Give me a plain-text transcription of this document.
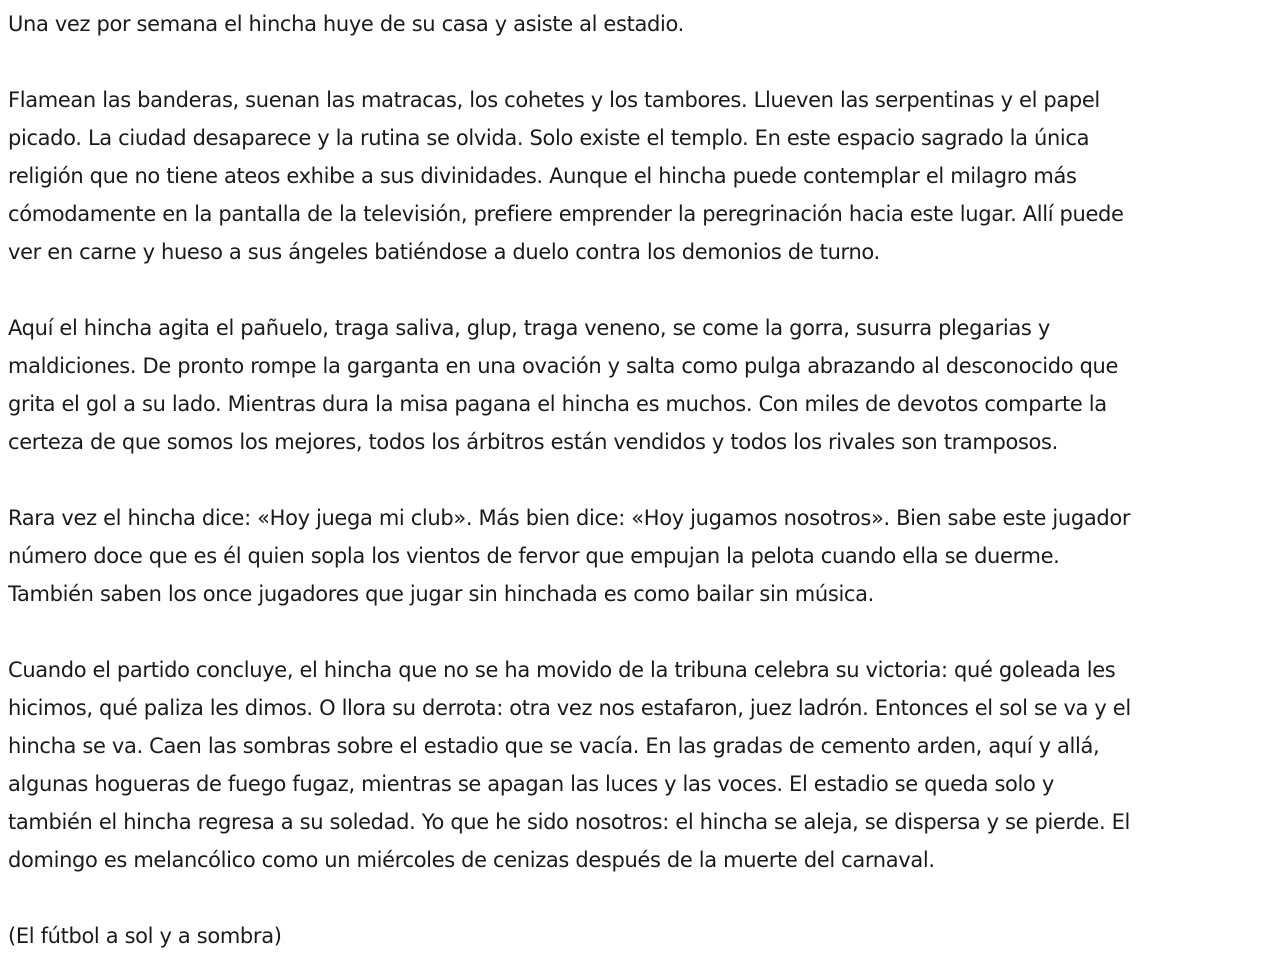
Una vez por semana el hincha huye de su casa y asiste al estadio.
Flamean las banderas, suenan las matracas, los cohetes y los tambores. Llueven las serpentinas y el papel
picado. La ciudad desaparece y la rutina se olvida. Solo existe el templo. En este espacio sagrado la única
religión que no tiene ateos exhibe a sus divinidades. Aunque el hincha puede contemplar el milagro más
cómodamente en la pantalla de la televisión, prefiere emprender la peregrinación hacia este lugar. Allí puede
ver en carne y hueso a sus ángeles batiéndose a duelo contra los demonios de turno.
Aquí el hincha agita el pañuelo, traga saliva, glup, traga veneno, se come la gorra, susurra plegarias y
maldiciones. De pronto rompe la garganta en una ovación y salta como pulga abrazando al desconocido que
grita el gol a su lado. Mientras dura la misa pagana el hincha es muchos. Con miles de devotos comparte la
certeza de que somos los mejores, todos los árbitros están vendidos y todos los rivales son tramposos.
Rara vez el hincha dice: «Hoy juega mi club». Más bien dice: «Hoy jugamos nosotros». Bien sabe este jugador
número doce que es él quien sopla los vientos de fervor que empujan la pelota cuando ella se duerme.
También saben los once jugadores que jugar sin hinchada es como bailar sin música.
Cuando el partido concluye, el hincha que no se ha movido de la tribuna celebra su victoria: qué goleada les
hicimos, qué paliza les dimos. O llora su derrota: otra vez nos estafaron, juez ladrón. Entonces el sol se va y el
hincha se va. Caen las sombras sobre el estadio que se vacía. En las gradas de cemento arden, aquí y allá,
algunas hogueras de fuego fugaz, mientras se apagan las luces y las voces. El estadio se queda solo y
también el hincha regresa a su soledad. Yo que he sido nosotros: el hincha se aleja, se dispersa y se pierde. El
domingo es melancólico como un miércoles de cenizas después de la muerte del carnaval.
(El fútbol a sol y a sombra)
